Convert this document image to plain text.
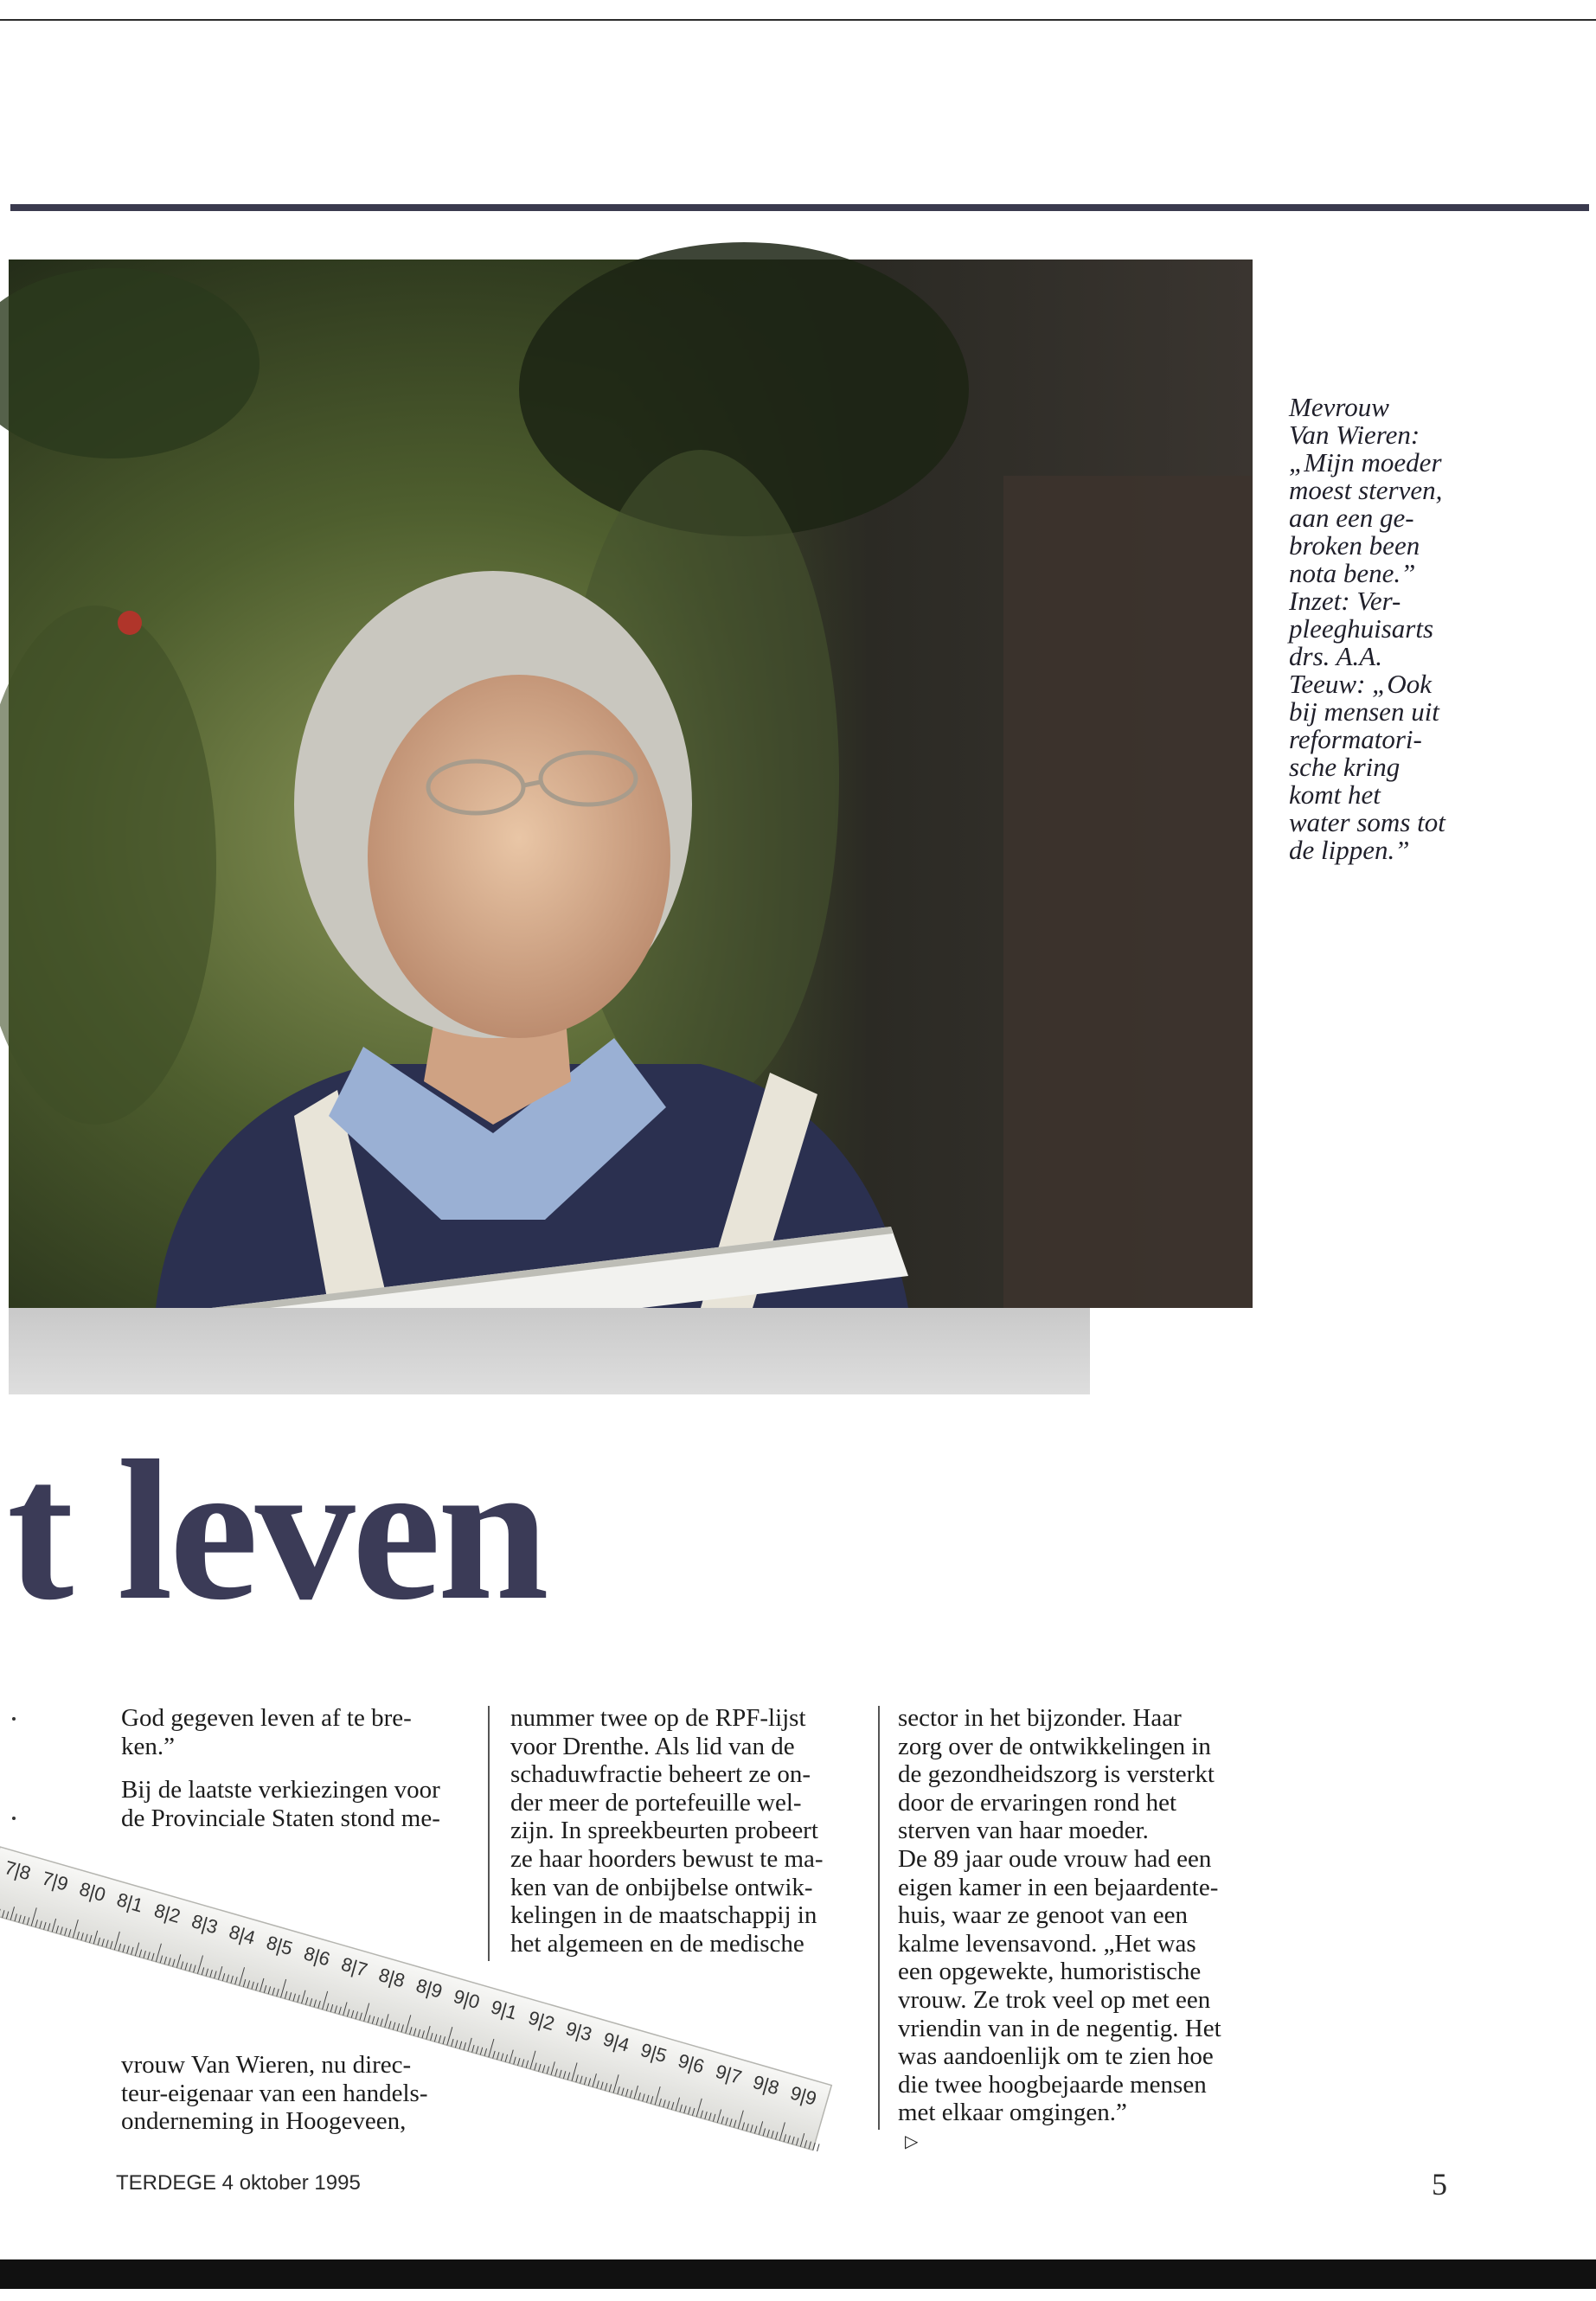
Mevrouw
Van Wieren:
„Mijn moeder
moest sterven,
aan een ge-
broken been
nota bene.”
Inzet: Ver-
pleeghuisarts
drs. A.A.
Teeuw: „Ook
bij mensen uit
reformatori-
sche kring
komt het
water soms tot
de lippen.”
t leven
God gegeven leven af te bre-
ken.”
Bij de laatste verkiezingen voor
de Provinciale Staten stond me-
vrouw Van Wieren, nu direc-
teur-eigenaar van een handels-
onderneming in Hoogeveen,
nummer twee op de RPF-lijst
voor Drenthe. Als lid van de
schaduwfractie beheert ze on-
der meer de portefeuille wel-
zijn. In spreekbeurten probeert
ze haar hoorders bewust te ma-
ken van de onbijbelse ontwik-
kelingen in de maatschappij in
het algemeen en de medische
sector in het bijzonder. Haar
zorg over de ontwikkelingen in
de gezondheidszorg is versterkt
door de ervaringen rond het
sterven van haar moeder.
De 89 jaar oude vrouw had een
eigen kamer in een bejaardente-
huis, waar ze genoot van een
kalme levensavond. „Het was
een opgewekte, humoristische
vrouw. Ze trok veel op met een
vriendin van in de negentig. Het
was aandoenlijk om te zien hoe
die twee hoogbejaarde mensen
met elkaar omgingen.”
▷
7|8 7|9 8|0 8|1 8|2 8|3 8|4 8|5 8|6 8|7 8|8 8|9 9|0 9|1 9|2 9|3 9|4 9|5 9|6 9|7 9|8 9|9
TERDEGE 4 oktober 1995	5
